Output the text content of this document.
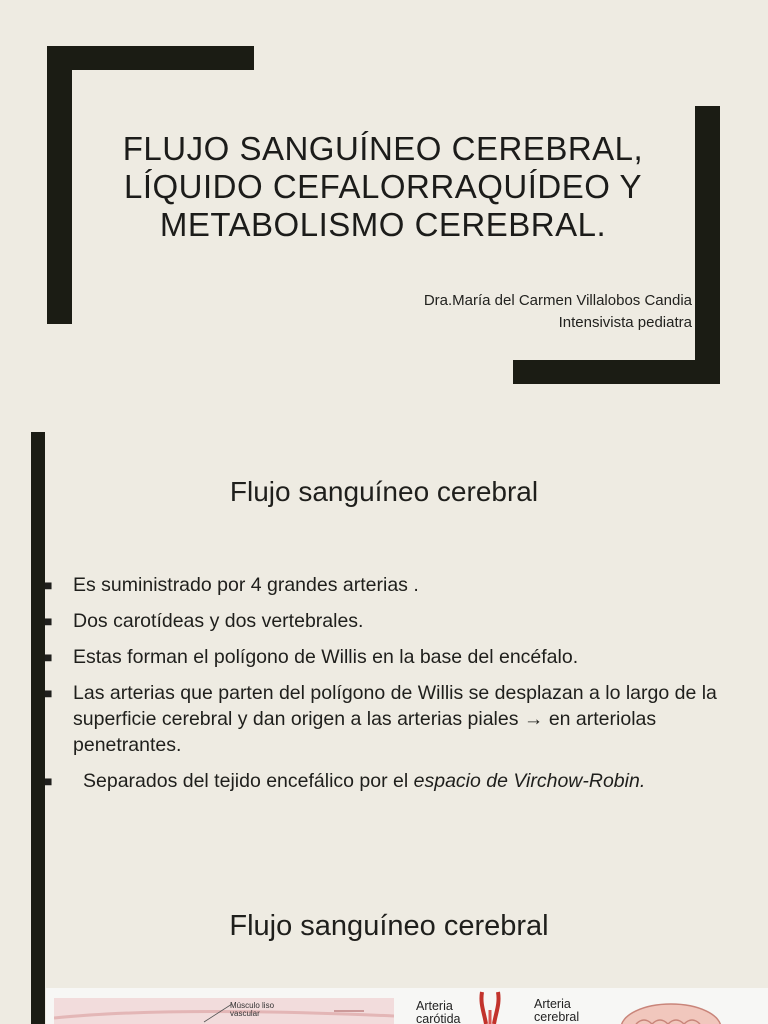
FLUJO SANGUÍNEO CEREBRAL,
LÍQUIDO CEFALORRAQUÍDEO Y
METABOLISMO CEREBRAL.
Dra.María del Carmen Villalobos Candia
Intensivista pediatra
Flujo sanguíneo cerebral
■	Es suministrado por 4 grandes arterias .
■	Dos carotídeas y dos vertebrales.
■	Estas forman el polígono de Willis en la base del encéfalo.
■	Las arterias que parten del polígono de Willis se desplazan a lo largo de la superficie cerebral y dan origen a las arterias piales → en arteriolas penetrantes.
■	Separados del tejido encefálico por el espacio de Virchow-Robin.
Flujo sanguíneo cerebral
Músculo liso vascular
Arteria
carótida
Arteria
cerebral
